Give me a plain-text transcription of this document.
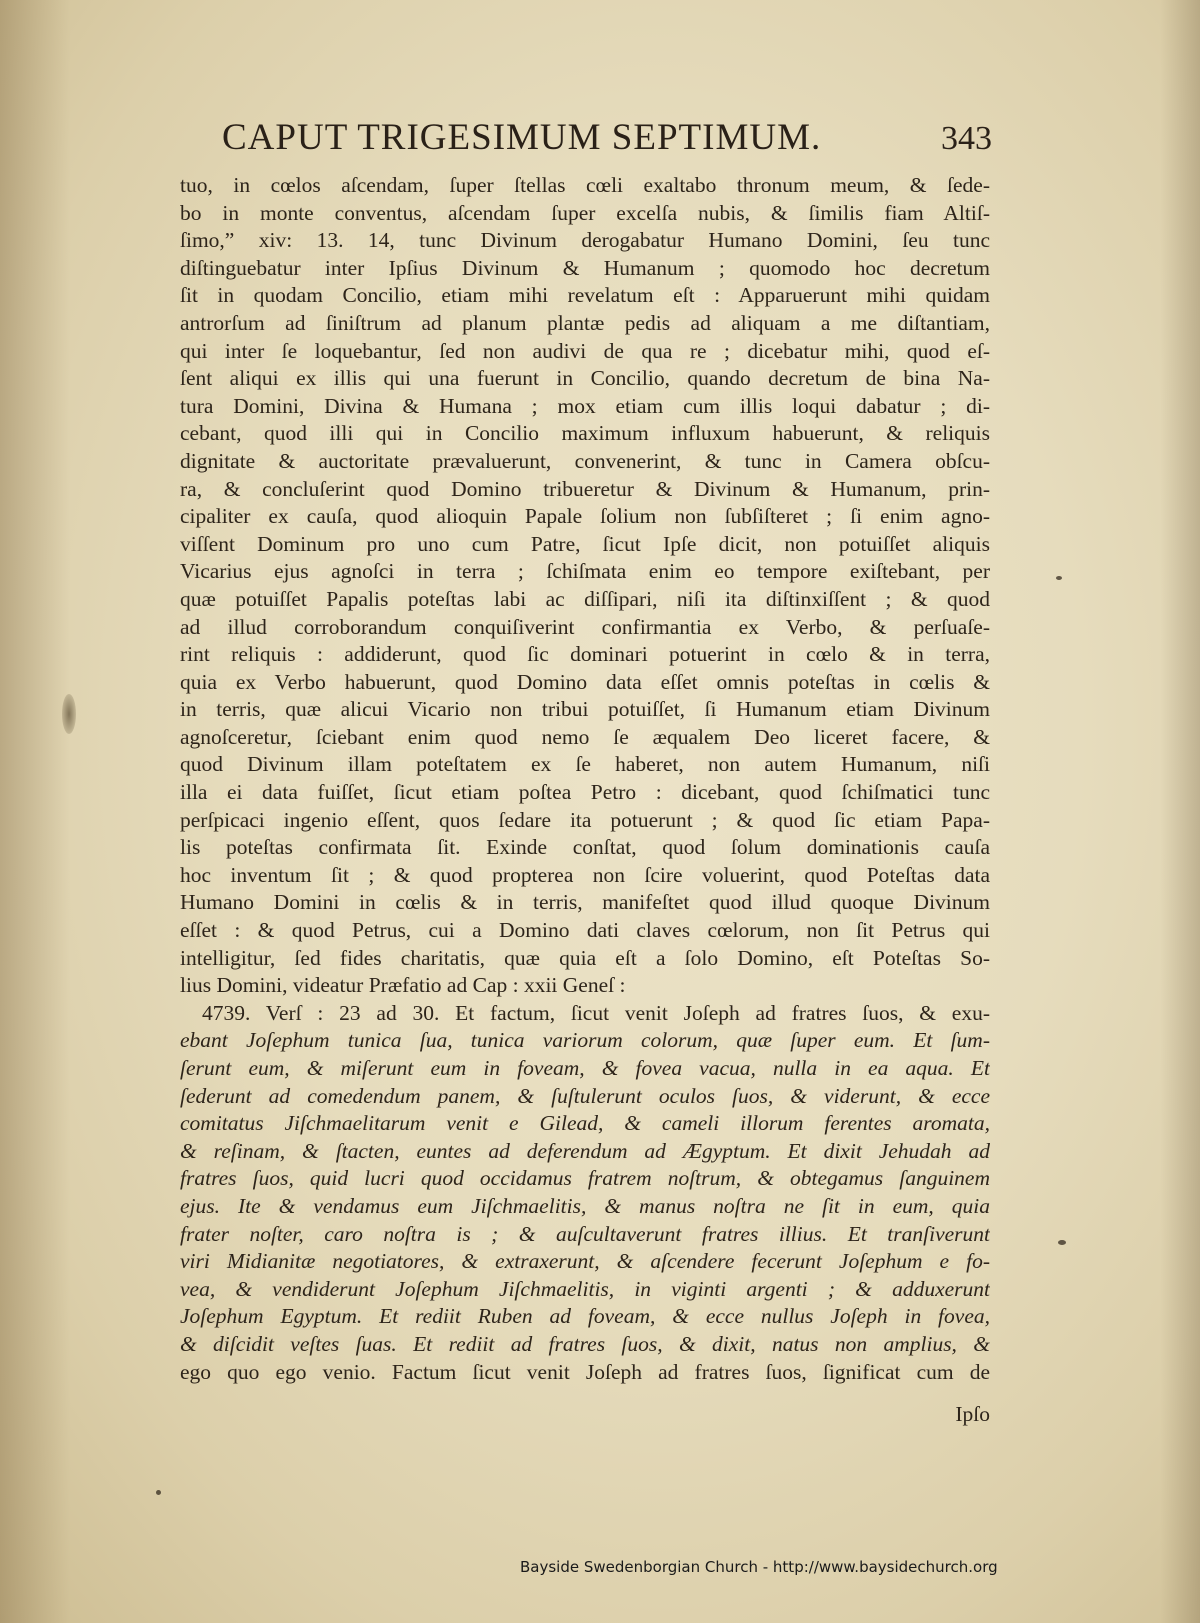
CAPUT TRIGESIMUM SEPTIMUM.	343
tuo, in cœlos aſcendam, ſuper ſtellas cœli exaltabo thronum meum, & ſede-
bo in monte conventus, aſcendam ſuper excelſa nubis, & ſimilis fiam Altiſ-
ſimo,” xiv: 13. 14, tunc Divinum derogabatur Humano Domini, ſeu tunc
diſtinguebatur inter Ipſius Divinum & Humanum ; quomodo hoc decretum
ſit in quodam Concilio, etiam mihi revelatum eſt : Apparuerunt mihi quidam
antrorſum ad ſiniſtrum ad planum plantæ pedis ad aliquam a me diſtantiam,
qui inter ſe loquebantur, ſed non audivi de qua re ; dicebatur mihi, quod eſ-
ſent aliqui ex illis qui una fuerunt in Concilio, quando decretum de bina Na-
tura Domini, Divina & Humana ; mox etiam cum illis loqui dabatur ; di-
cebant, quod illi qui in Concilio maximum influxum habuerunt, & reliquis
dignitate & auctoritate prævaluerunt, convenerint, & tunc in Camera obſcu-
ra, & concluſerint quod Domino tribueretur & Divinum & Humanum, prin-
cipaliter ex cauſa, quod alioquin Papale ſolium non ſubſiſteret ; ſi enim agno-
viſſent Dominum pro uno cum Patre, ſicut Ipſe dicit, non potuiſſet aliquis
Vicarius ejus agnoſci in terra ; ſchiſmata enim eo tempore exiſtebant, per
quæ potuiſſet Papalis poteſtas labi ac diſſipari, niſi ita diſtinxiſſent ; & quod
ad illud corroborandum conquiſiverint confirmantia ex Verbo, & perſuaſe-
rint reliquis : addiderunt, quod ſic dominari potuerint in cœlo & in terra,
quia ex Verbo habuerunt, quod Domino data eſſet omnis poteſtas in cœlis &
in terris, quæ alicui Vicario non tribui potuiſſet, ſi Humanum etiam Divinum
agnoſceretur, ſciebant enim quod nemo ſe æqualem Deo liceret facere, &
quod Divinum illam poteſtatem ex ſe haberet, non autem Humanum, niſi
illa ei data fuiſſet, ſicut etiam poſtea Petro : dicebant, quod ſchiſmatici tunc
perſpicaci ingenio eſſent, quos ſedare ita potuerunt ; & quod ſic etiam Papa-
lis poteſtas confirmata ſit. Exinde conſtat, quod ſolum dominationis cauſa
hoc inventum ſit ; & quod propterea non ſcire voluerint, quod Poteſtas data
Humano Domini in cœlis & in terris, manifeſtet quod illud quoque Divinum
eſſet : & quod Petrus, cui a Domino dati claves cœlorum, non ſit Petrus qui
intelligitur, ſed fides charitatis, quæ quia eſt a ſolo Domino, eſt Poteſtas So-
lius Domini, videatur Præfatio ad Cap : xxii Geneſ :
4739. Verſ : 23 ad 30. Et factum, ſicut venit Joſeph ad fratres ſuos, & exu-
ebant Joſephum tunica ſua, tunica variorum colorum, quæ ſuper eum. Et ſum-
ſerunt eum, & miſerunt eum in foveam, & fovea vacua, nulla in ea aqua. Et
ſederunt ad comedendum panem, & ſuſtulerunt oculos ſuos, & viderunt, & ecce
comitatus Jiſchmaelitarum venit e Gilead, & cameli illorum ferentes aromata,
& reſinam, & ſtacten, euntes ad deferendum ad Ægyptum. Et dixit Jehudah ad
fratres ſuos, quid lucri quod occidamus fratrem noſtrum, & obtegamus ſanguinem
ejus. Ite & vendamus eum Jiſchmaelitis, & manus noſtra ne ſit in eum, quia
frater noſter, caro noſtra is ; & auſcultaverunt fratres illius. Et tranſiverunt
viri Midianitæ negotiatores, & extraxerunt, & aſcendere fecerunt Joſephum e fo-
vea, & vendiderunt Joſephum Jiſchmaelitis, in viginti argenti ; & adduxerunt
Joſephum Egyptum. Et rediit Ruben ad foveam, & ecce nullus Joſeph in fovea,
& diſcidit veſtes ſuas. Et rediit ad fratres ſuos, & dixit, natus non amplius, &
ego quo ego venio. Factum ſicut venit Joſeph ad fratres ſuos, ſignificat cum de
Ipſo
Bayside Swedenborgian Church - http://www.baysidechurch.org
